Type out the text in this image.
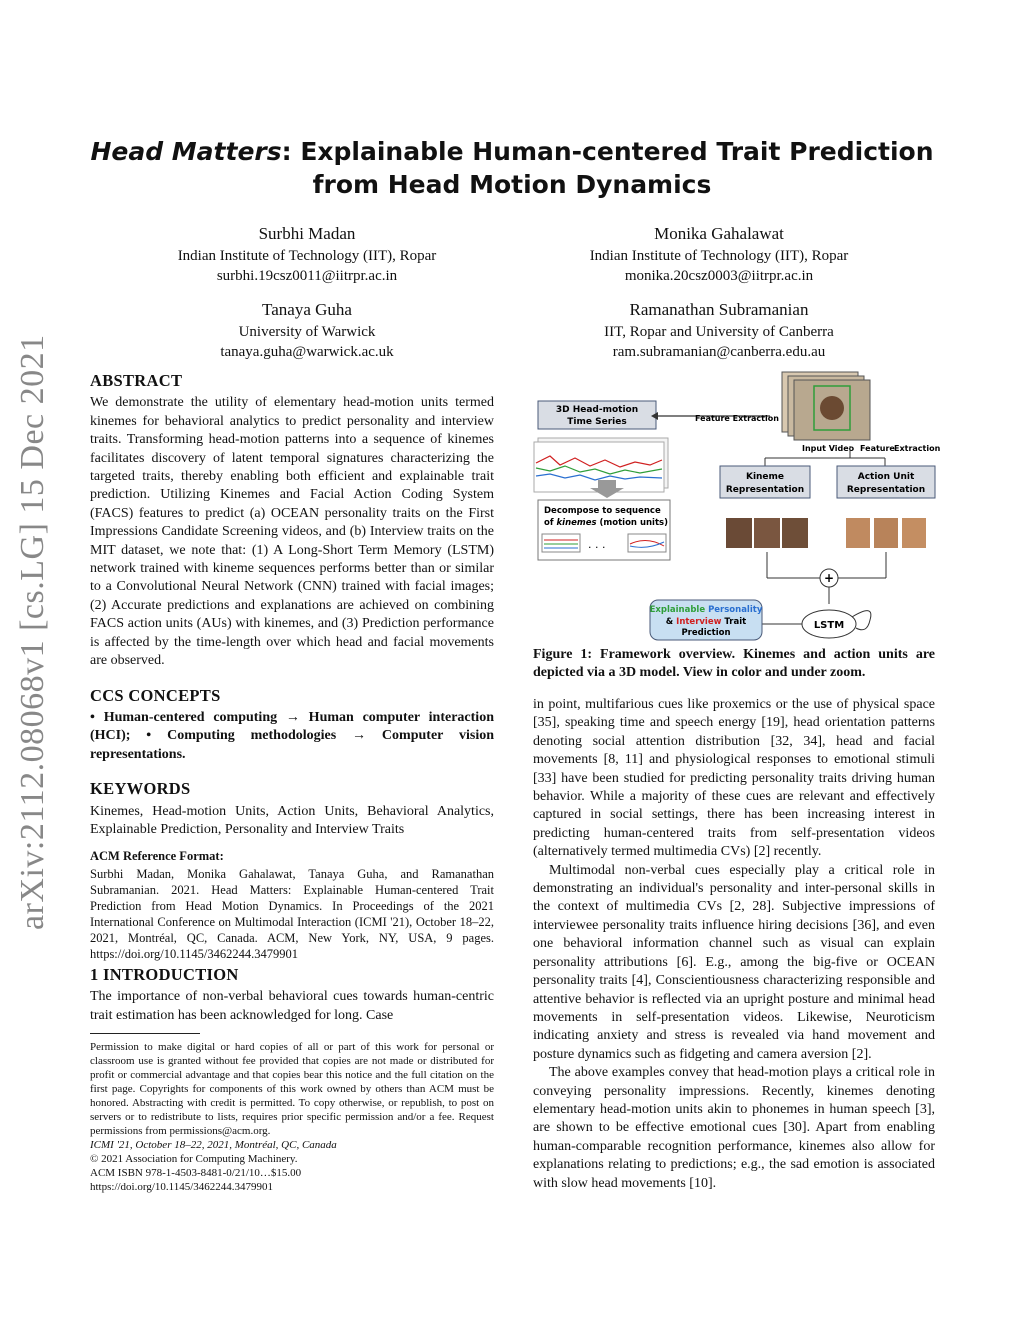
Head Matters: Explainable Human-centered Trait Prediction
from Head Motion Dynamics
Surbhi Madan
Indian Institute of Technology (IIT), Ropar
surbhi.19csz0011@iitrpr.ac.in
Monika Gahalawat
Indian Institute of Technology (IIT), Ropar
monika.20csz0003@iitrpr.ac.in
Tanaya Guha
University of Warwick
tanaya.guha@warwick.ac.uk
Ramanathan Subramanian
IIT, Ropar and University of Canberra
ram.subramanian@canberra.edu.au
arXiv:2112.08068v1 [cs.LG] 15 Dec 2021 ABSTRACT

We demonstrate the utility of elementary head-motion units termed kinemes for behavioral analytics to predict personality and interview traits. Transforming head-motion patterns into a sequence of kinemes facilitates discovery of latent temporal signatures characterizing the targeted traits, thereby enabling both efficient and explainable trait prediction. Utilizing Kinemes and Facial Action Coding System (FACS) features to predict (a) OCEAN personality traits on the First Impressions Candidate Screening videos, and (b) Interview traits on the MIT dataset, we note that: (1) A Long-Short Term Memory (LSTM) network trained with kineme sequences performs better than or similar to a Convolutional Neural Network (CNN) trained with facial images; (2) Accurate predictions and explanations are achieved on combining FACS action units (AUs) with kinemes, and (3) Prediction performance is affected by the time-length over which head and facial movements are observed.

CCS CONCEPTS

• Human-centered computing → Human computer interaction (HCI); • Computing methodologies → Computer vision representations.

KEYWORDS

Kinemes, Head-motion Units, Action Units, Behavioral Analytics, Explainable Prediction, Personality and Interview Traits

ACM Reference Format:

Surbhi Madan, Monika Gahalawat, Tanaya Guha, and Ramanathan Subramanian. 2021. Head Matters: Explainable Human-centered Trait Prediction from Head Motion Dynamics. In Proceedings of the 2021 International Conference on Multimodal Interaction (ICMI '21), October 18–22, 2021, Montréal, QC, Canada. ACM, New York, NY, USA, 9 pages. https://doi.org/10.1145/3462244.3479901

1 INTRODUCTION

The importance of non-verbal behavioral cues towards human-centric trait estimation has been acknowledged for long. Case

Permission to make digital or hard copies of all or part of this work for personal or classroom use is granted without fee provided that copies are not made or distributed for profit or commercial advantage and that copies bear this notice and the full citation on the first page. Copyrights for components of this work owned by others than ACM must be honored. Abstracting with credit is permitted. To copy otherwise, or republish, to post on servers or to redistribute to lists, requires prior specific permission and/or a fee. Request permissions from permissions@acm.org.
ICMI '21, October 18–22, 2021, Montréal, QC, Canada
© 2021 Association for Computing Machinery.
ACM ISBN 978-1-4503-8481-0/21/10…$15.00
https://doi.org/10.1145/3462244.3479901
3D Head-motion
Time Series	Feature Extraction
Decompose to sequence
of kinemes (motion units)
. . .
Input Video Feature Extraction
Kineme
Representation
Action Unit
Representation
+
LSTM
Explainable Personality
& Interview Trait
Prediction

Figure 1: Framework overview. Kinemes and action units are depicted via a 3D model. View in color and under zoom.

in point, multifarious cues like proxemics or the use of physical space [35], speaking time and speech energy [19], head orientation patterns denoting social attention distribution [32, 34], head and facial movements [8, 11] and physiological responses to emotional stimuli [33] have been studied for predicting personality traits driving human behavior. While a majority of these cues are relevant and effectively captured in social settings, there has been increasing interest in predicting human-centered traits from self-presentation videos (alternatively termed multimedia CVs) [2] recently.

Multimodal non-verbal cues especially play a critical role in demonstrating an individual's personality and inter-personal skills in the context of multimedia CVs [2, 28]. Subjective impressions of interviewee personality traits influence hiring decisions [36], and even one behavioral information channel such as visual can explain personality attributions [6]. E.g., among the big-five or OCEAN personality traits [4], Conscientiousness characterizing responsible and attentive behavior is reflected via an upright posture and minimal head movements in self-presentation videos. Likewise, Neuroticism indicating anxiety and stress is revealed via hand movement and posture dynamics such as fidgeting and camera aversion [2].

The above examples convey that head-motion plays a critical role in conveying personality impressions. Recently, kinemes denoting elementary head-motion units akin to phonemes in human speech [3], are shown to be effective emotional cues [30]. Apart from enabling human-comparable recognition performance, kinemes also allow for explanations relating to predictions; e.g., the sad emotion is associated with slow head movements [10].
